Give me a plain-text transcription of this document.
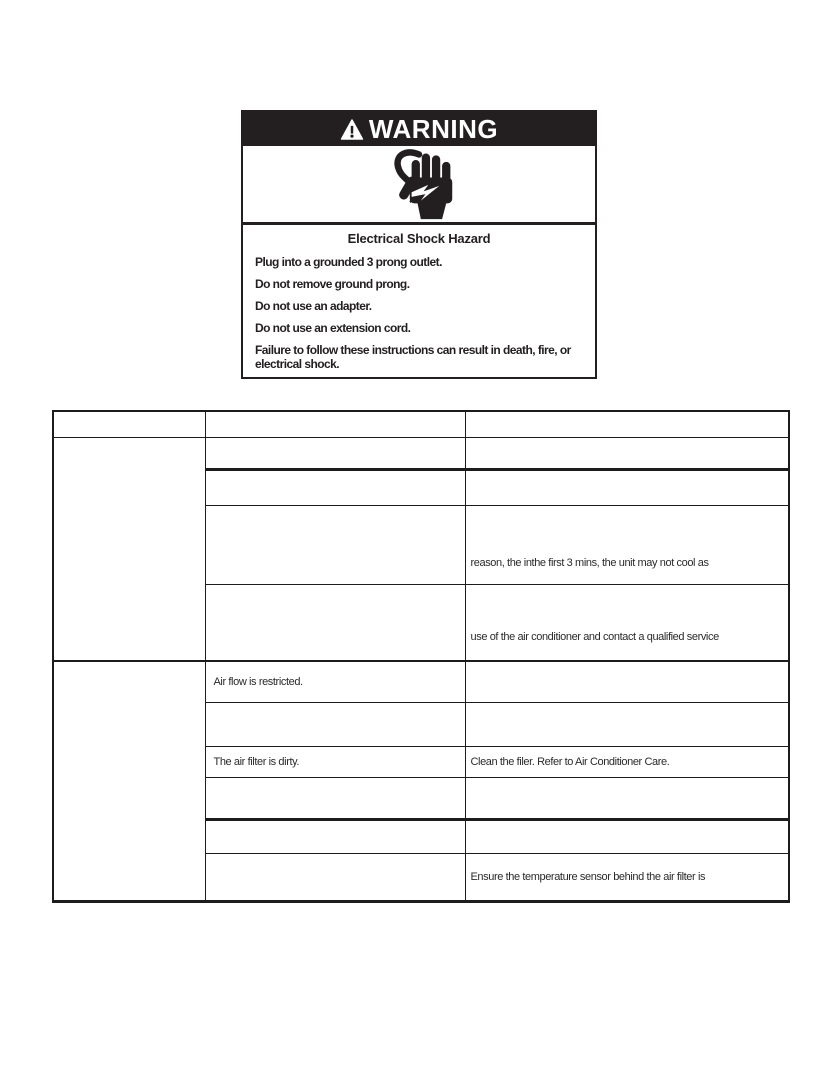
WARNING
Electrical Shock Hazard

Plug into a grounded 3 prong outlet.

Do not remove ground prong.

Do not use an adapter.

Do not use an extension cord.

Failure to follow these instructions can result in death, fire, or electrical shock.

		reason, the inthe first 3 mins, the unit may not cool as
		use of the air conditioner and contact a qualified service
	Air flow is restricted.	

	The air filter is dirty.	Clean the filer. Refer to Air Conditioner Care.

		Ensure the temperature sensor behind the air filter is
